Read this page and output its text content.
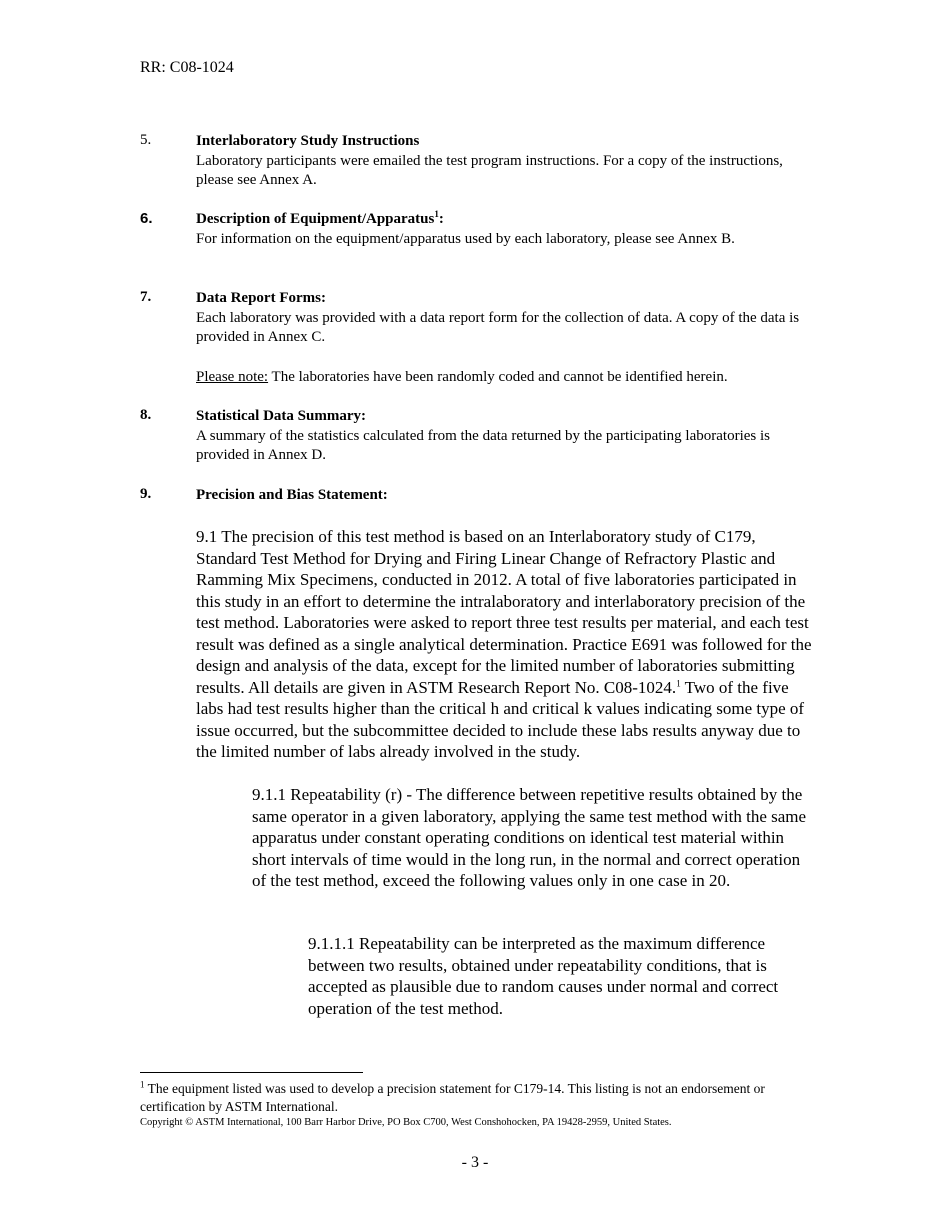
RR: C08-1024
5.	Interlaboratory Study Instructions
Laboratory participants were emailed the test program instructions. For a copy of the instructions, please see Annex A.
6.	Description of Equipment/Apparatus$^1$:
For information on the equipment/apparatus used by each laboratory, please see Annex B.
7.	Data Report Forms:
Each laboratory was provided with a data report form for the collection of data. A copy of the data is provided in Annex C.
Please note: The laboratories have been randomly coded and cannot be identified herein.
8.	Statistical Data Summary:
A summary of the statistics calculated from the data returned by the participating laboratories is provided in Annex D.
9.	Precision and Bias Statement:
9.1 The precision of this test method is based on an Interlaboratory study of C179, Standard Test Method for Drying and Firing Linear Change of Refractory Plastic and Ramming Mix Specimens, conducted in 2012. A total of five laboratories participated in this study in an effort to determine the intralaboratory and interlaboratory precision of the test method. Laboratories were asked to report three test results per material, and each test result was defined as a single analytical determination. Practice E691 was followed for the design and analysis of the data, except for the limited number of laboratories submitting results. All details are given in ASTM Research Report No. C08-1024.$^1$ Two of the five labs had test results higher than the critical h and critical k values indicating some type of issue occurred, but the subcommittee decided to include these labs results anyway due to the limited number of labs already involved in the study.
9.1.1 Repeatability (r) - The difference between repetitive results obtained by the same operator in a given laboratory, applying the same test method with the same apparatus under constant operating conditions on identical test material within short intervals of time would in the long run, in the normal and correct operation of the test method, exceed the following values only in one case in 20.
9.1.1.1 Repeatability can be interpreted as the maximum difference between two results, obtained under repeatability conditions, that is accepted as plausible due to random causes under normal and correct operation of the test method.
$^1$ The equipment listed was used to develop a precision statement for C179-14. This listing is not an endorsement or certification by ASTM International.
Copyright © ASTM International, 100 Barr Harbor Drive, PO Box C700, West Conshohocken, PA 19428-2959, United States.
- 3 -
